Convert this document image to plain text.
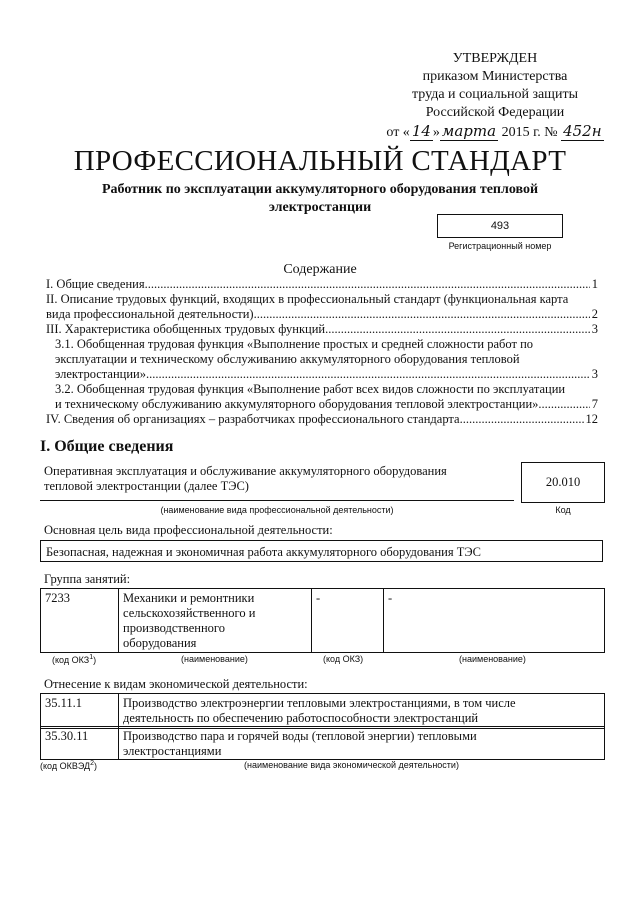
УТВЕРЖДЕН
приказом Министерства
труда и социальной защиты
Российской Федерации
от « 14 » марта 2015 г. № 452н
ПРОФЕССИОНАЛЬНЫЙ СТАНДАРТ
Работник по эксплуатации аккумуляторного оборудования тепловой
электростанции
493
Регистрационный номер
Содержание
I. Общие сведения .....	1
II. Описание трудовых функций, входящих в профессиональный стандарт (функциональная карта
вида профессиональной деятельности) .....	2
III. Характеристика обобщенных трудовых функций .....	3
3.1. Обобщенная трудовая функция «Выполнение простых и средней сложности работ по
эксплуатации и техническому обслуживанию аккумуляторного оборудования тепловой
электростанции» .....	3
3.2. Обобщенная трудовая функция «Выполнение работ всех видов сложности по эксплуатации
и техническому обслуживанию аккумуляторного оборудования тепловой электростанции» .....	7
IV. Сведения об организациях – разработчиках профессионального стандарта .....	12
I. Общие сведения
Оперативная эксплуатация и обслуживание аккумуляторного оборудования
тепловой электростанции (далее ТЭС)	20.010
(наименование вида профессиональной деятельности)	Код
Основная цель вида профессиональной деятельности:
Безопасная, надежная и экономичная работа аккумуляторного оборудования ТЭС
Группа занятий:
7233	Механики и ремонтники
сельскохозяйственного и
производственного
оборудования
-	-
(код ОКЗ$^1$)	(наименование)	(код ОКЗ)	(наименование)
Отнесение к видам экономической деятельности:
35.11.1	Производство электроэнергии тепловыми электростанциями, в том числе
деятельность по обеспечению работоспособности электростанций
35.30.11	Производство пара и горячей воды (тепловой энергии) тепловыми
электростанциями
(код ОКВЭД$^2$)	(наименование вида экономической деятельности)
